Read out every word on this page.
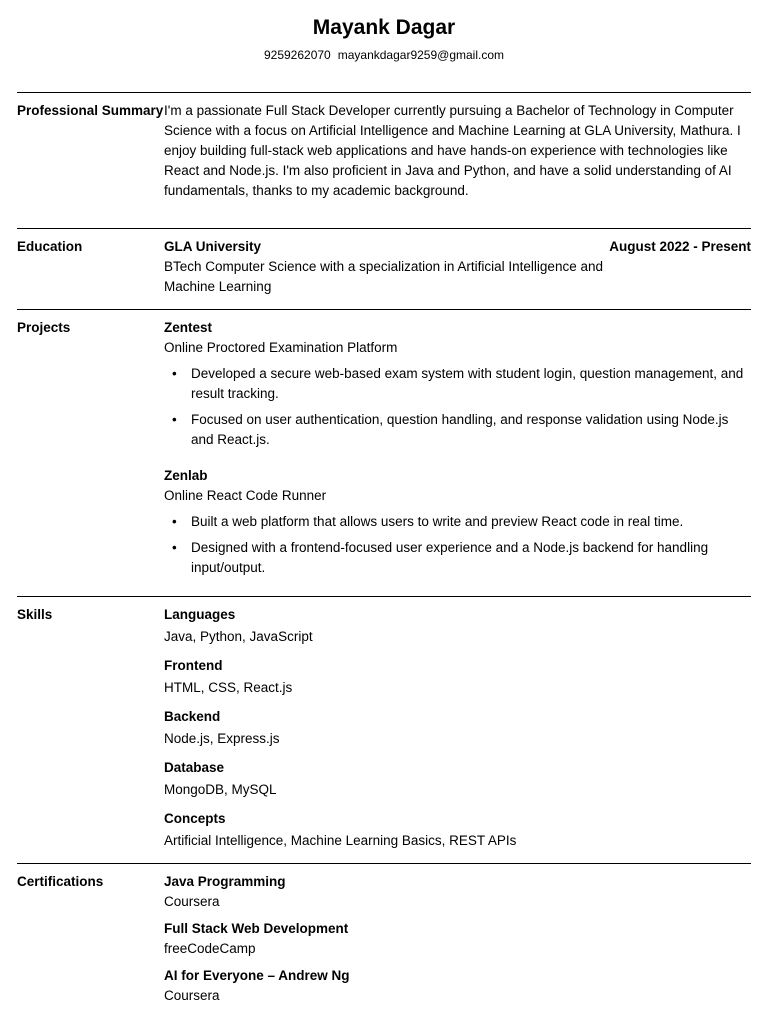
Mayank Dagar
9259262070 mayankdagar9259@gmail.com
Professional Summary I'm a passionate Full Stack Developer currently pursuing a Bachelor of Technology in Computer Science with a focus on Artificial Intelligence and Machine Learning at GLA University, Mathura. I enjoy building full-stack web applications and have hands-on experience with technologies like React and Node.js. I'm also proficient in Java and Python, and have a solid understanding of AI fundamentals, thanks to my academic background.

Education	GLA University	August 2022 - Present
BTech Computer Science with a specialization in Artificial Intelligence and Machine Learning
Projects	Zentest
Online Proctored Examination Platform
• Developed a secure web-based exam system with student login, question management, and result tracking.
• Focused on user authentication, question handling, and response validation using Node.js and React.js.
Zenlab
Online React Code Runner
• Built a web platform that allows users to write and preview React code in real time.
• Designed with a frontend-focused user experience and a Node.js backend for handling input/output.
Skills	Languages
Java, Python, JavaScript
Frontend
HTML, CSS, React.js
Backend
Node.js, Express.js
Database
MongoDB, MySQL
Concepts
Artificial Intelligence, Machine Learning Basics, REST APIs
Certifications	Java Programming
Coursera
Full Stack Web Development
freeCodeCamp
AI for Everyone – Andrew Ng
Coursera
